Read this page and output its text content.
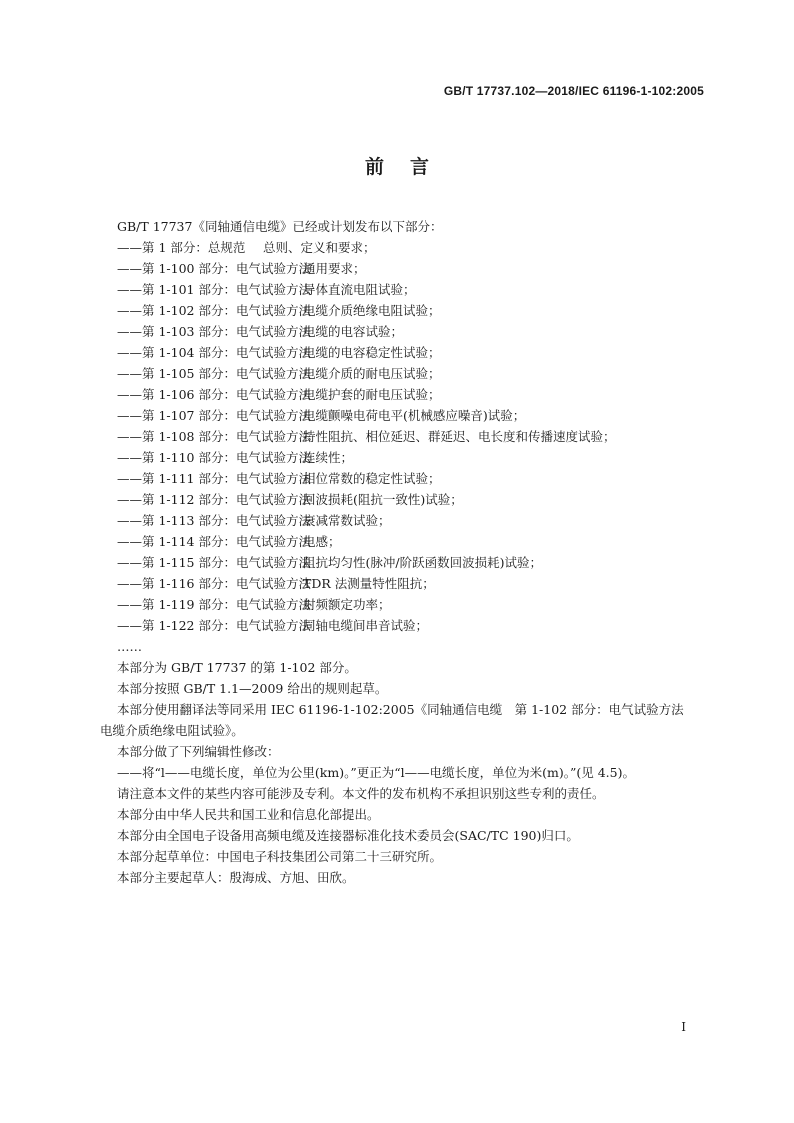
GB/T 17737.102—2018/IEC 61196-1-102:2005
前言
GB/T 17737《同轴通信电缆》已经或计划发布以下部分：
——第 1 部分：总规范 总则、定义和要求；
——第 1-100 部分：电气试验方法通用要求；
——第 1-101 部分：电气试验方法导体直流电阻试验；
——第 1-102 部分：电气试验方法电缆介质绝缘电阻试验；
——第 1-103 部分：电气试验方法电缆的电容试验；
——第 1-104 部分：电气试验方法电缆的电容稳定性试验；
——第 1-105 部分：电气试验方法电缆介质的耐电压试验；
——第 1-106 部分：电气试验方法电缆护套的耐电压试验；
——第 1-107 部分：电气试验方法电缆颤噪电荷电平(机械感应噪音)试验；
——第 1-108 部分：电气试验方法特性阻抗、相位延迟、群延迟、电长度和传播速度试验；
——第 1-110 部分：电气试验方法连续性；
——第 1-111 部分：电气试验方法相位常数的稳定性试验；
——第 1-112 部分：电气试验方法回波损耗(阻抗一致性)试验；
——第 1-113 部分：电气试验方法衰减常数试验；
——第 1-114 部分：电气试验方法电感；
——第 1-115 部分：电气试验方法阻抗均匀性(脉冲/阶跃函数回波损耗)试验；
——第 1-116 部分：电气试验方法TDR 法测量特性阻抗；
——第 1-119 部分：电气试验方法射频额定功率；
——第 1-122 部分：电气试验方法同轴电缆间串音试验；
……
本部分为 GB/T 17737 的第 1-102 部分。
本部分按照 GB/T 1.1—2009 给出的规则起草。
本部分使用翻译法等同采用 IEC 61196-1-102:2005《同轴通信电缆　第 1-102 部分：电气试验方法
电缆介质绝缘电阻试验》。
本部分做了下列编辑性修改：
——将“l——电缆长度，单位为公里(km)。”更正为“l——电缆长度，单位为米(m)。”(见 4.5)。
请注意本文件的某些内容可能涉及专利。本文件的发布机构不承担识别这些专利的责任。
本部分由中华人民共和国工业和信息化部提出。
本部分由全国电子设备用高频电缆及连接器标准化技术委员会(SAC/TC 190)归口。
本部分起草单位：中国电子科技集团公司第二十三研究所。
本部分主要起草人：殷海成、方旭、田欣。
I
